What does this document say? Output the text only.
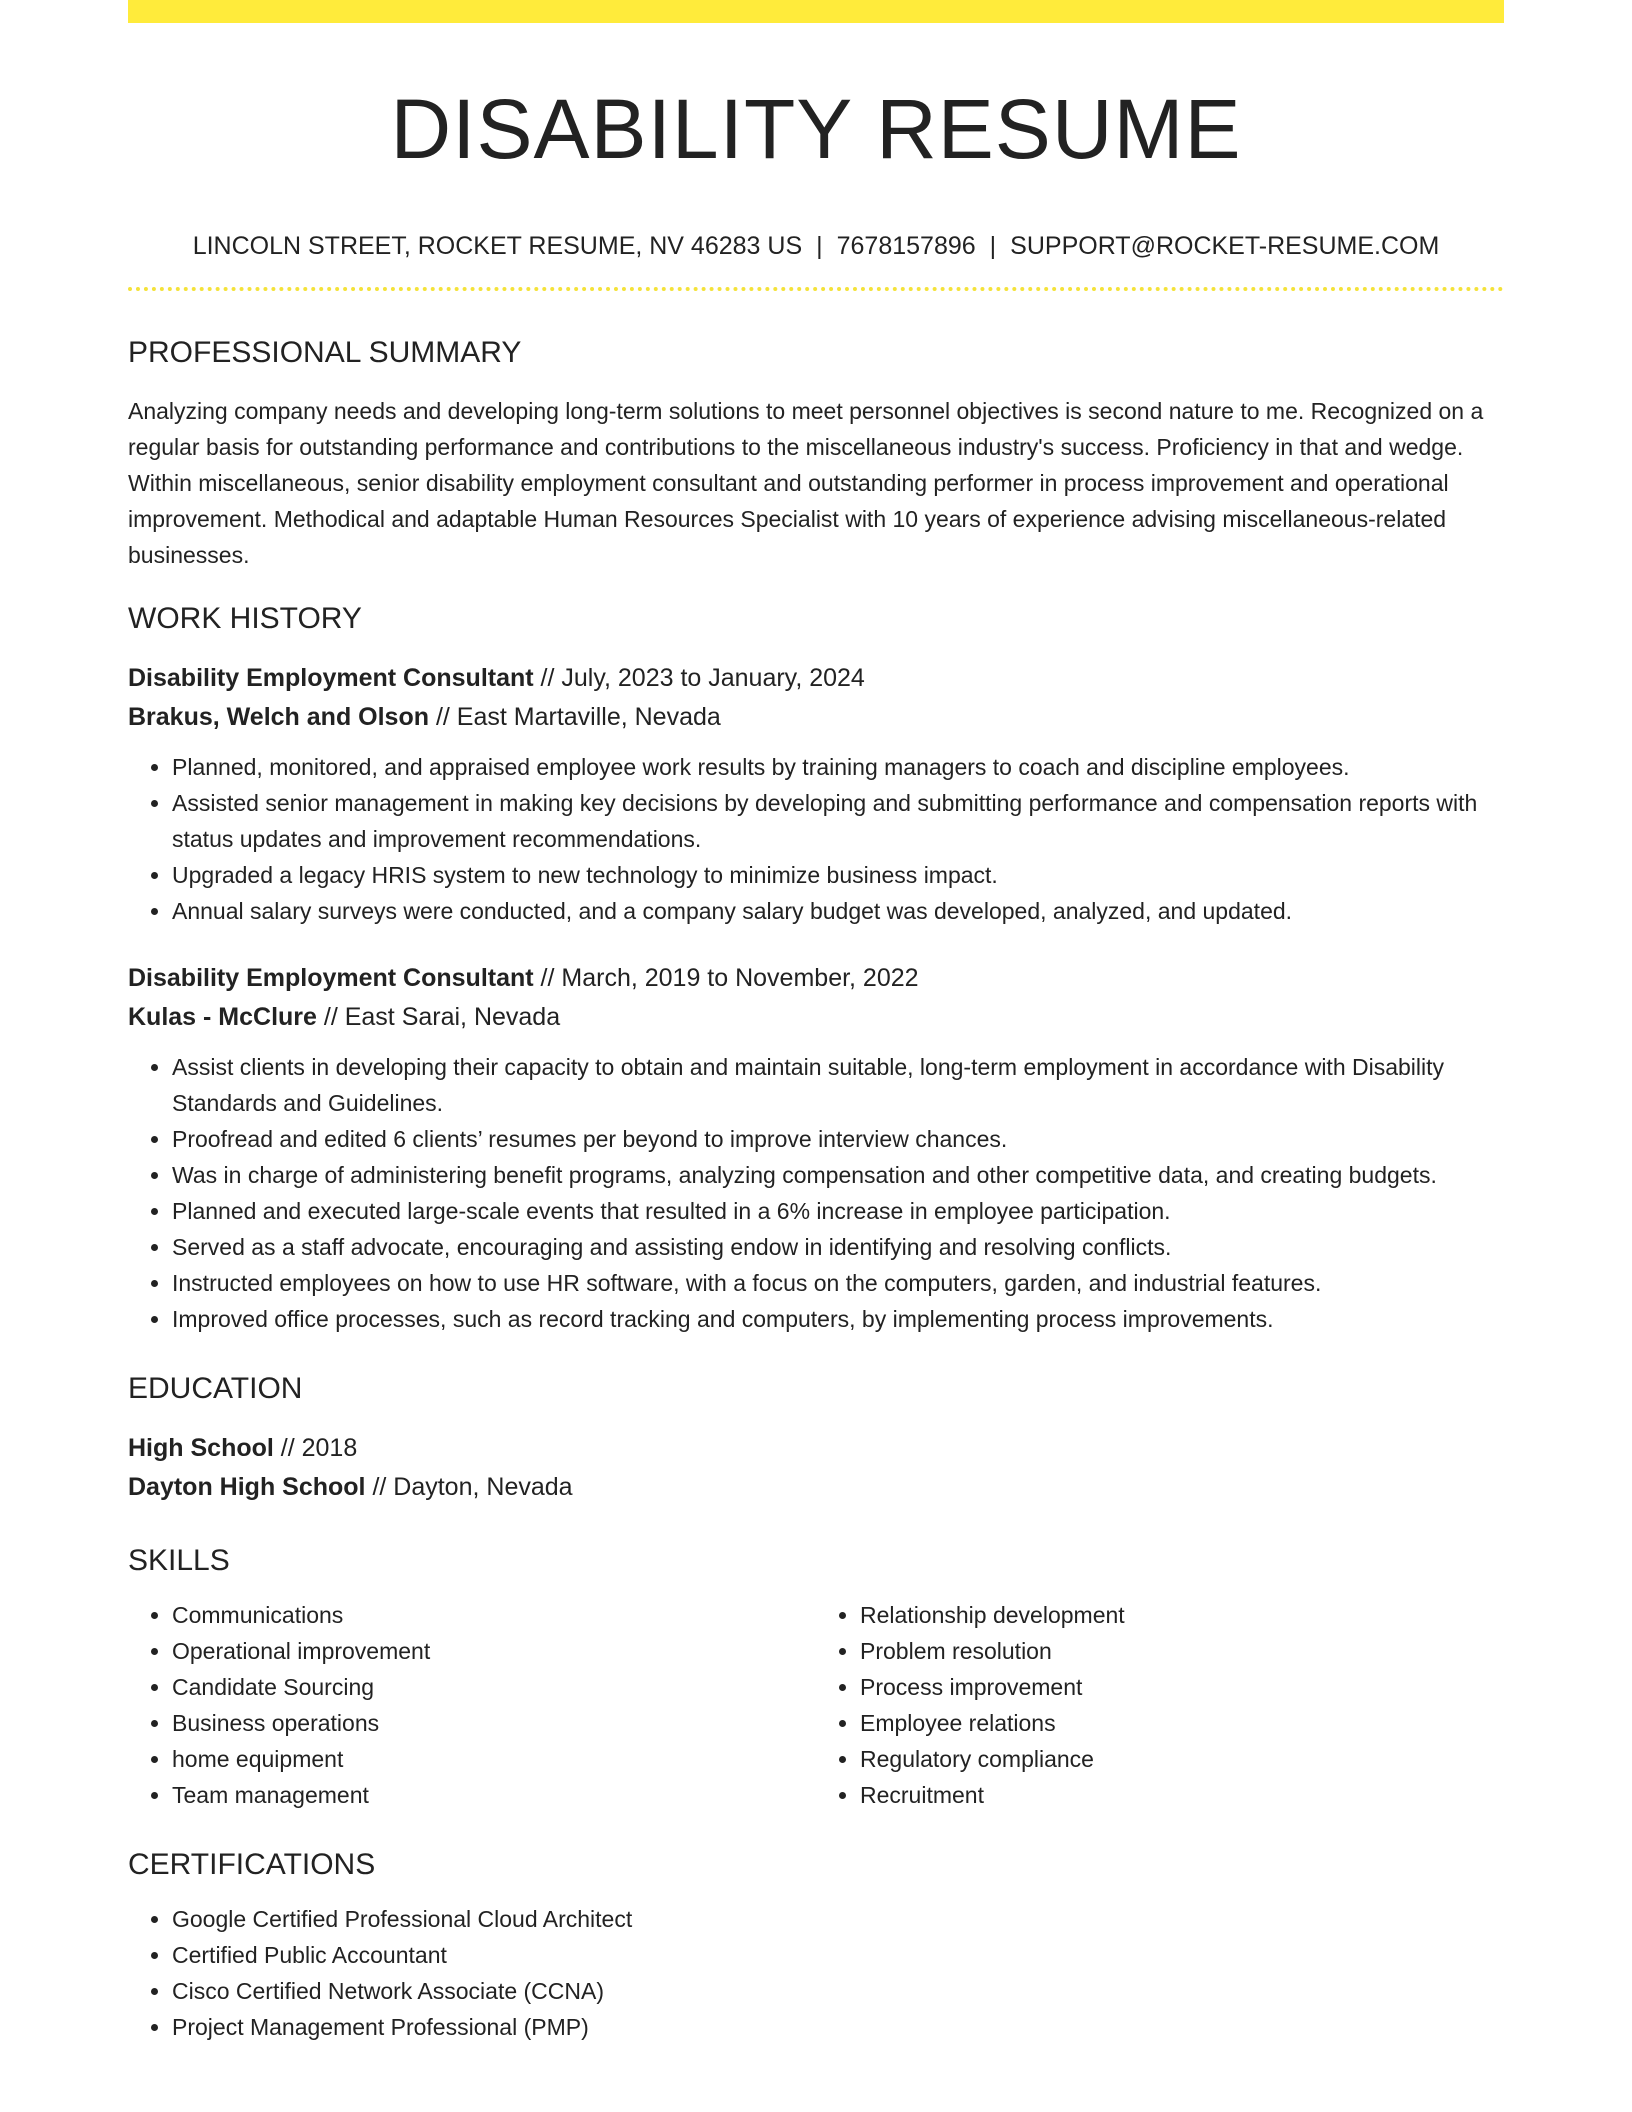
DISABILITY RESUME
LINCOLN STREET, ROCKET RESUME, NV 46283 US | 7678157896 | SUPPORT@ROCKET-RESUME.COM
PROFESSIONAL SUMMARY
Analyzing company needs and developing long-term solutions to meet personnel objectives is second nature to me. Recognized on a regular basis for outstanding performance and contributions to the miscellaneous industry's success. Proficiency in that and wedge. Within miscellaneous, senior disability employment consultant and outstanding performer in process improvement and operational improvement. Methodical and adaptable Human Resources Specialist with 10 years of experience advising miscellaneous-related businesses.
WORK HISTORY
Disability Employment Consultant // July, 2023 to January, 2024
Brakus, Welch and Olson // East Martaville, Nevada
• Planned, monitored, and appraised employee work results by training managers to coach and discipline employees.
• Assisted senior management in making key decisions by developing and submitting performance and compensation reports with status updates and improvement recommendations.
• Upgraded a legacy HRIS system to new technology to minimize business impact.
• Annual salary surveys were conducted, and a company salary budget was developed, analyzed, and updated.
Disability Employment Consultant // March, 2019 to November, 2022
Kulas - McClure // East Sarai, Nevada
• Assist clients in developing their capacity to obtain and maintain suitable, long-term employment in accordance with Disability Standards and Guidelines.
• Proofread and edited 6 clients’ resumes per beyond to improve interview chances.
• Was in charge of administering benefit programs, analyzing compensation and other competitive data, and creating budgets.
• Planned and executed large-scale events that resulted in a 6% increase in employee participation.
• Served as a staff advocate, encouraging and assisting endow in identifying and resolving conflicts.
• Instructed employees on how to use HR software, with a focus on the computers, garden, and industrial features.
• Improved office processes, such as record tracking and computers, by implementing process improvements.
EDUCATION
High School // 2018
Dayton High School // Dayton, Nevada
SKILLS
• Communications
• Operational improvement
• Candidate Sourcing
• Business operations
• home equipment
• Team management
• Relationship development
• Problem resolution
• Process improvement
• Employee relations
• Regulatory compliance
• Recruitment
CERTIFICATIONS
• Google Certified Professional Cloud Architect
• Certified Public Accountant
• Cisco Certified Network Associate (CCNA)
• Project Management Professional (PMP)
